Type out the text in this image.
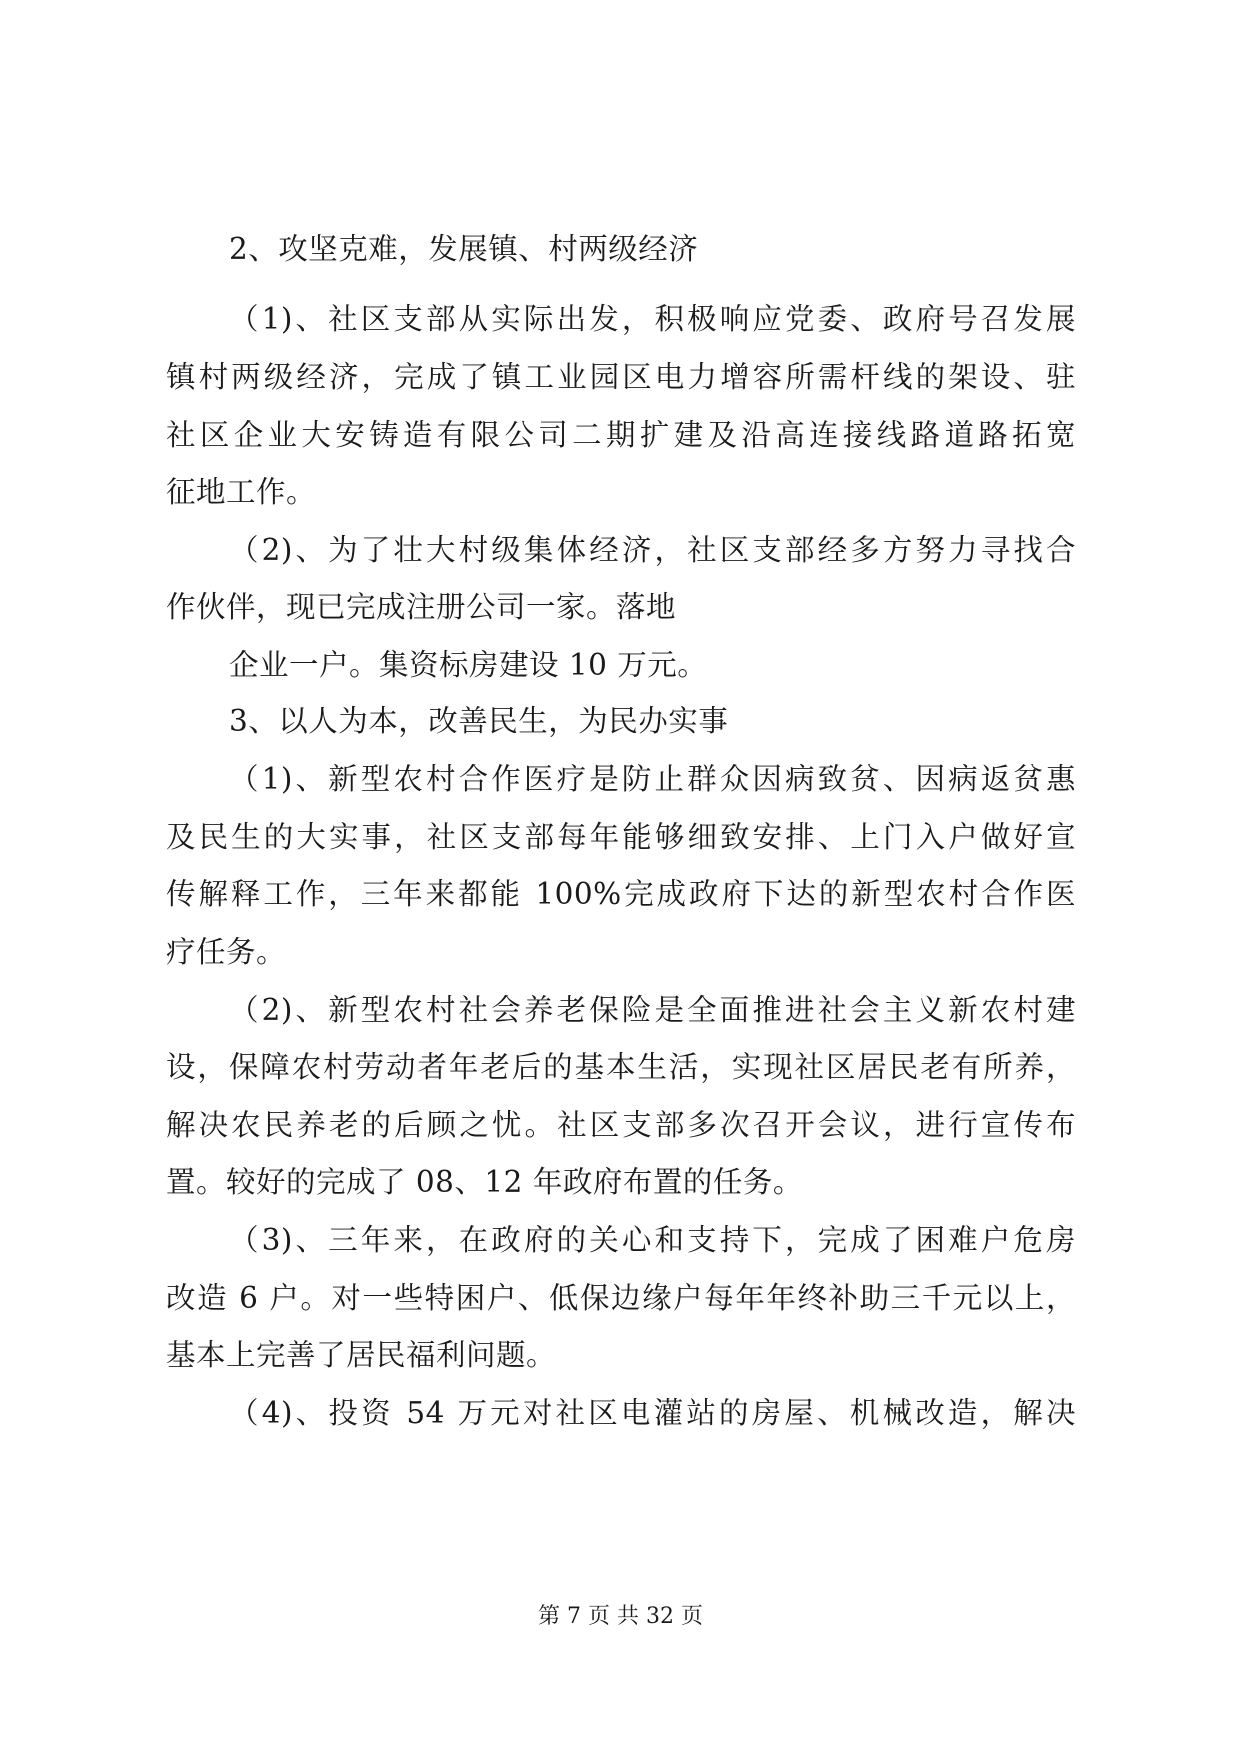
2、攻坚克难，发展镇、村两级经济
（1)、社区支部从实际出发，积极响应党委、政府号召发展
镇村两级经济，完成了镇工业园区电力增容所需杆线的架设、驻
社区企业大安铸造有限公司二期扩建及沿高连接线路道路拓宽
征地工作。
（2)、为了壮大村级集体经济，社区支部经多方努力寻找合
作伙伴，现已完成注册公司一家。落地
企业一户。集资标房建设 10 万元。
3、以人为本，改善民生，为民办实事
（1)、新型农村合作医疗是防止群众因病致贫、因病返贫惠
及民生的大实事，社区支部每年能够细致安排、上门入户做好宣
传解释工作，三年来都能 100%完成政府下达的新型农村合作医
疗任务。
（2)、新型农村社会养老保险是全面推进社会主义新农村建
设，保障农村劳动者年老后的基本生活，实现社区居民老有所养，
解决农民养老的后顾之忧。社区支部多次召开会议，进行宣传布
置。较好的完成了 08、12 年政府布置的任务。
（3)、三年来，在政府的关心和支持下，完成了困难户危房
改造 6 户。对一些特困户、低保边缘户每年年终补助三千元以上，
基本上完善了居民福利问题。
（4)、投资 54 万元对社区电灌站的房屋、机械改造，解决
第 7 页 共 32 页
